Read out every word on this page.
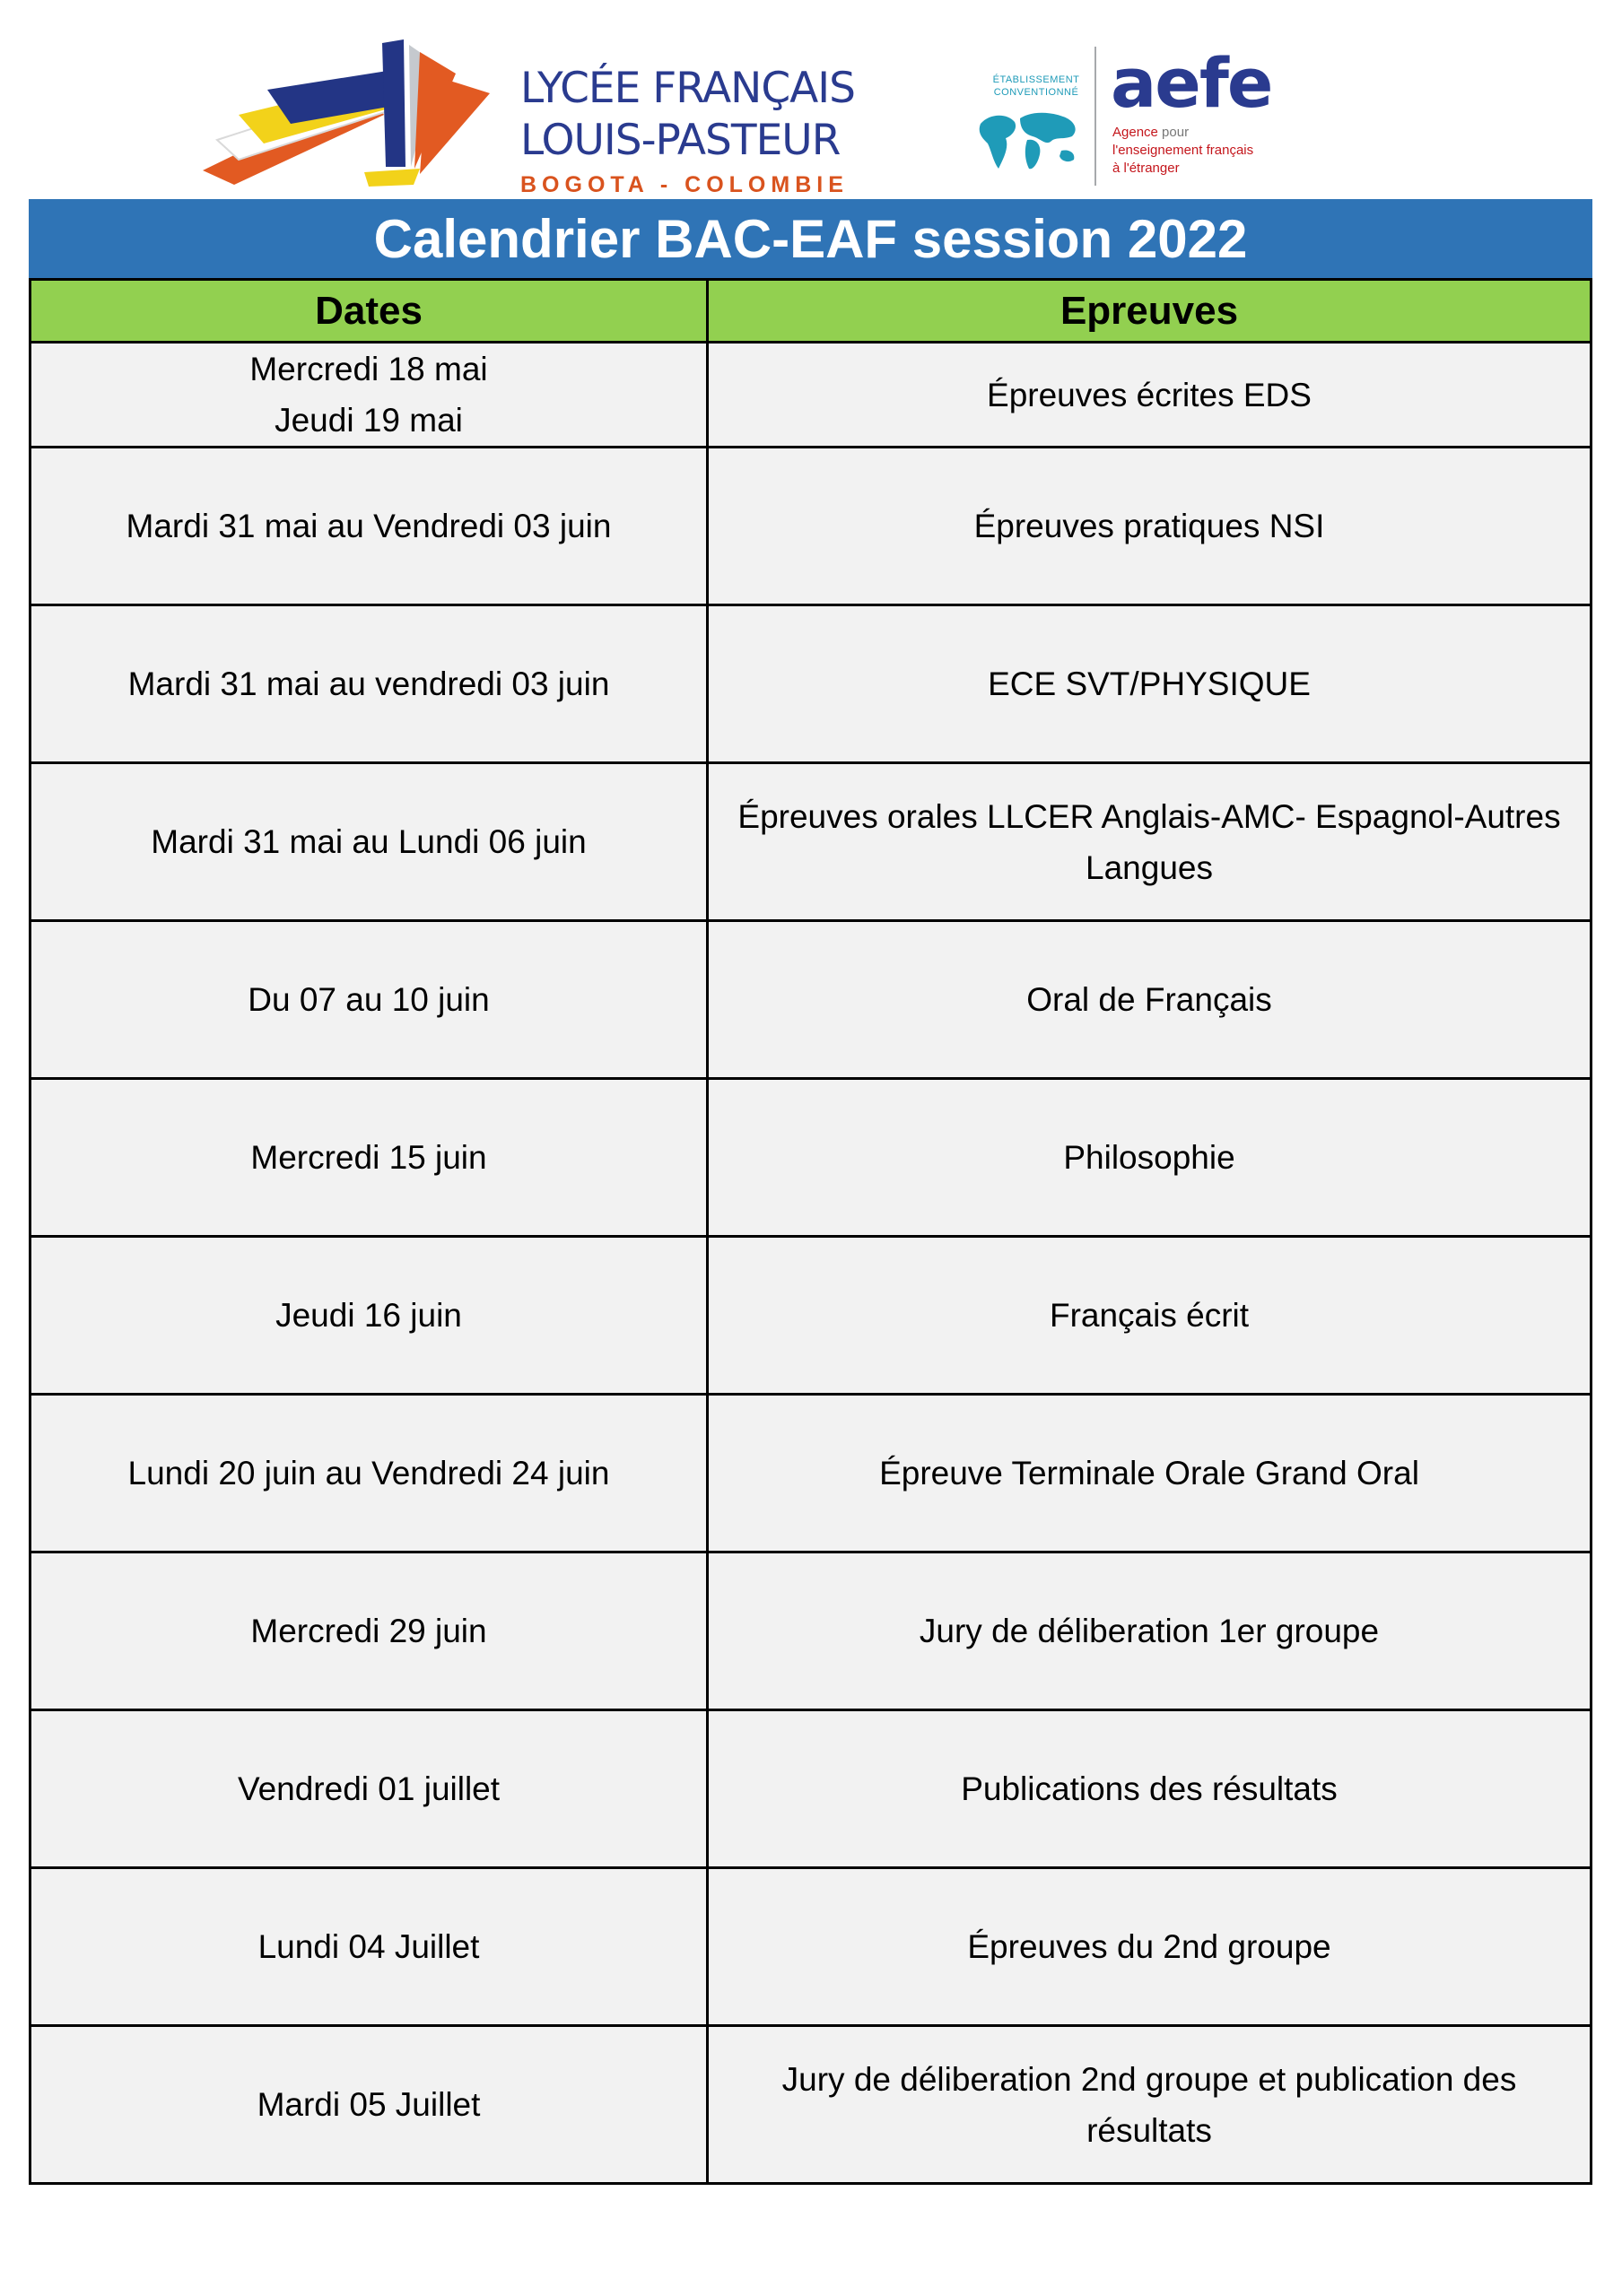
LYCÉE FRANÇAIS
LOUIS-PASTEUR
BOGOTA - COLOMBIE
ÉTABLISSEMENT
CONVENTIONNÉ aefe
Agence pour
l'enseignement français
à l'étranger
Calendrier BAC-EAF session 2022	
Dates	Epreuves

Mercredi 18 mai
Jeudi 19 mai	Épreuves écrites EDS
Mardi 31 mai au Vendredi 03 juin	Épreuves pratiques NSI
Mardi 31 mai au vendredi 03 juin	ECE SVT/PHYSIQUE
Mardi 31 mai au Lundi 06 juin	Épreuves orales LLCER Anglais-AMC- Espagnol-Autres Langues
Du 07 au 10 juin	Oral de Français
Mercredi 15 juin	Philosophie
Jeudi 16 juin	Français écrit
Lundi 20 juin au Vendredi 24 juin	Épreuve Terminale Orale Grand Oral
Mercredi 29 juin	Jury de déliberation 1er groupe
Vendredi 01 juillet	Publications des résultats
Lundi 04 Juillet	Épreuves du 2nd groupe
Mardi 05 Juillet	Jury de déliberation 2nd groupe et publication des résultats
